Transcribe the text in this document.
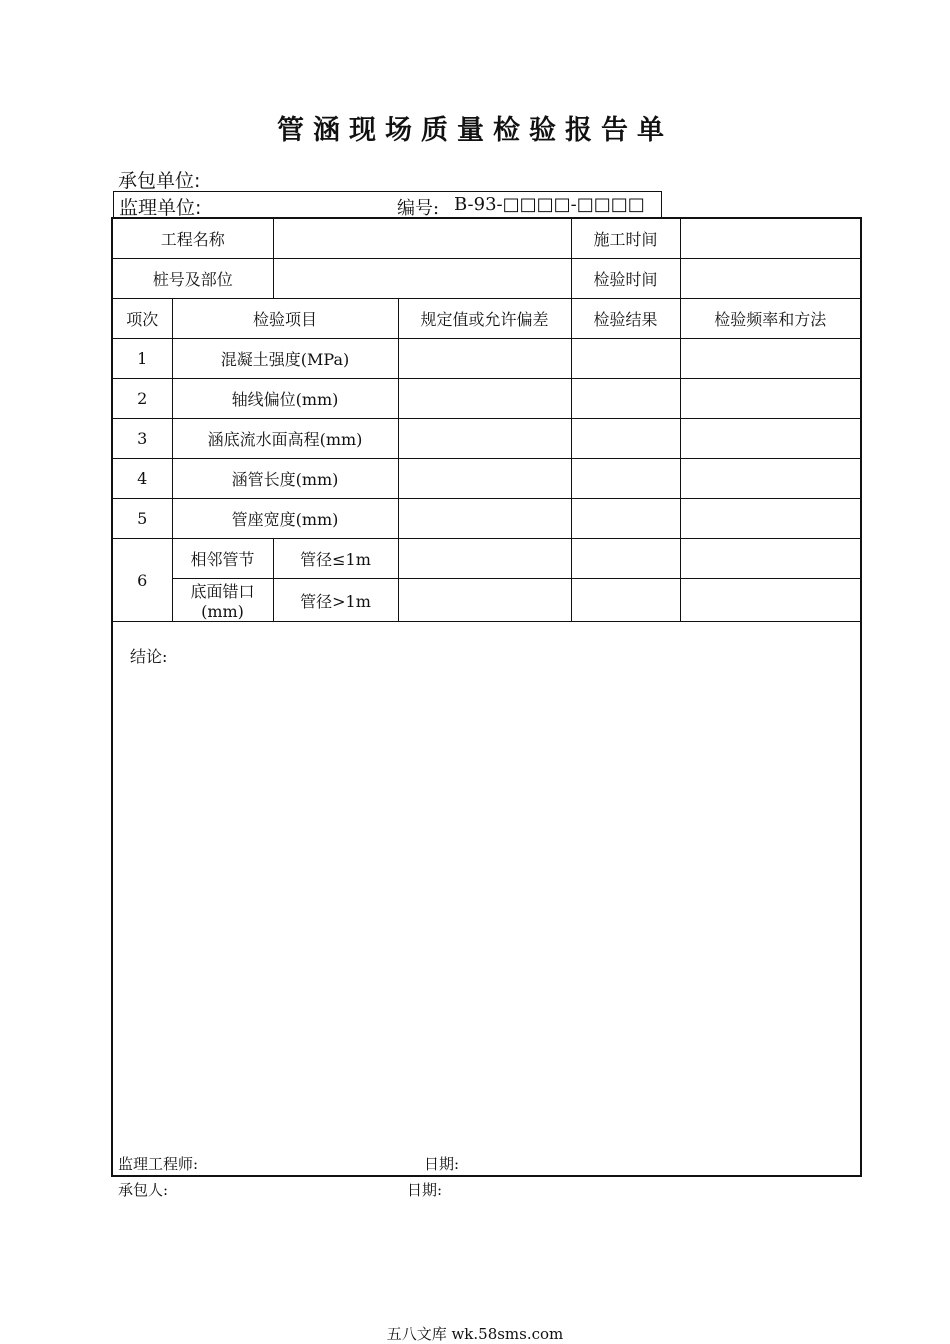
管涵现场质量检验报告单
承包单位:
监理单位:	编号: B-93-□□□□-□□□□
工程名称				施工时间	
桩号及部位				检验时间	
项次	检验项目		规定值或允许偏差	检验结果	检验频率和方法
1	混凝土强度(MPa)				
2	轴线偏位(mm)				
3	涵底流水面高程(mm)				
4	涵管长度(mm)				
5	管座宽度(mm)				
6	相邻管节	管径≤1m			
	底面错口(mm)	管径>1m			
结论:					
监理工程师:	日期:
承包人:	日期:
五八文库 wk.58sms.com
